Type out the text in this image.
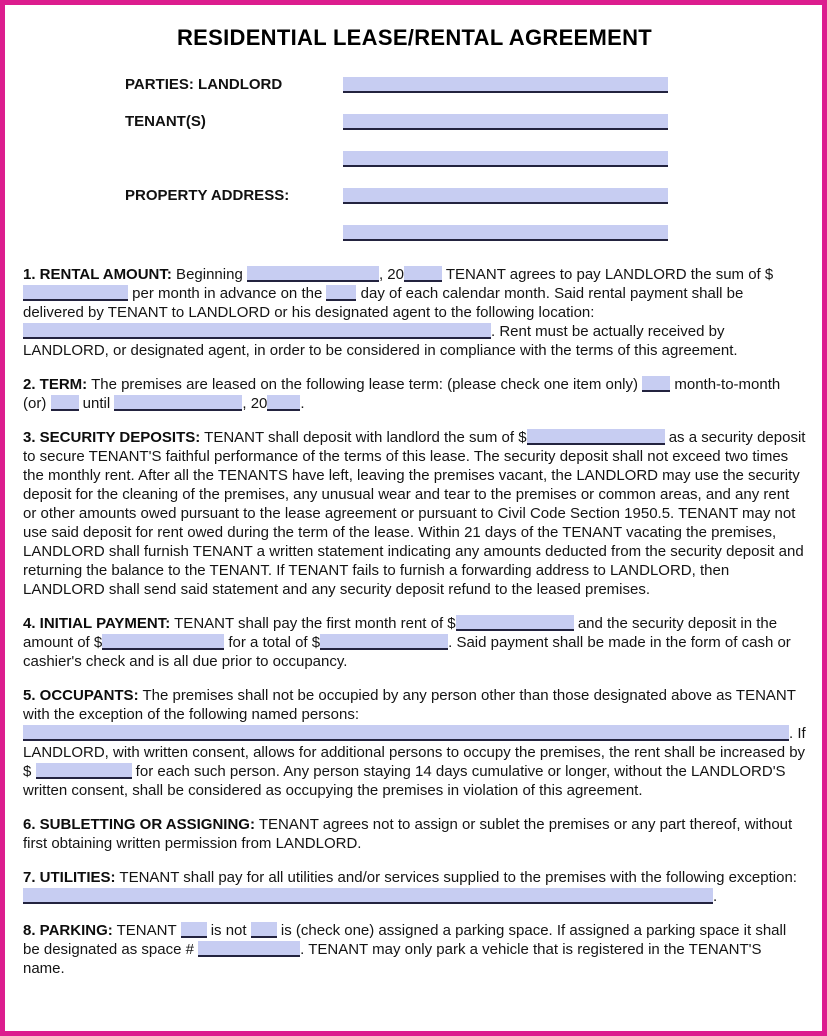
RESIDENTIAL LEASE/RENTAL AGREEMENT
PARTIES: LANDLORD
TENANT(S)
PROPERTY ADDRESS:

1. RENTAL AMOUNT: Beginning	, 20	TENANT agrees to pay LANDLORD the sum of $ per month in advance on the  day of each calendar month. Said rental payment shall be delivered by TENANT to LANDLORD or his designated agent to the following location: . Rent must be actually received by LANDLORD, or designated agent, in order to be considered in compliance with the terms of this agreement.

2. TERM: The premises are leased on the following lease term: (please check one item only)  month-to-month (or)  until	, 20 .

3. SECURITY DEPOSITS: TENANT shall deposit with landlord the sum of $	as a security deposit to secure TENANT'S faithful performance of the terms of this lease. The security deposit shall not exceed two times the monthly rent. After all the TENANTS have left, leaving the premises vacant, the LANDLORD may use the security deposit for the cleaning of the premises, any unusual wear and tear to the premises or common areas, and any rent or other amounts owed pursuant to the lease agreement or pursuant to Civil Code Section 1950.5. TENANT may not use said deposit for rent owed during the term of the lease. Within 21 days of the TENANT vacating the premises, LANDLORD shall furnish TENANT a written statement indicating any amounts deducted from the security deposit and returning the balance to the TENANT. If TENANT fails to furnish a forwarding address to LANDLORD, then LANDLORD shall send said statement and any security deposit refund to the leased premises.

4. INITIAL PAYMENT: TENANT shall pay the first month rent of $	and the security deposit in the amount of $	for a total of $	. Said payment shall be made in the form of cash or cashier's check and is all due prior to occupancy.

5. OCCUPANTS: The premises shall not be occupied by any person other than those designated above as TENANT with the exception of the following named persons: . If LANDLORD, with written consent, allows for additional persons to occupy the premises, the rent shall be increased by $	for each such person. Any person staying 14 days cumulative or longer, without the LANDLORD'S written consent, shall be considered as occupying the premises in violation of this agreement.

6. SUBLETTING OR ASSIGNING: TENANT agrees not to assign or sublet the premises or any part thereof, without first obtaining written permission from LANDLORD.

7. UTILITIES: TENANT shall pay for all utilities and/or services supplied to the premises with the following exception: .

8. PARKING: TENANT  is not  is (check one) assigned a parking space. If assigned a parking space it shall be designated as space #	. TENANT may only park a vehicle that is registered in the TENANT'S name.
